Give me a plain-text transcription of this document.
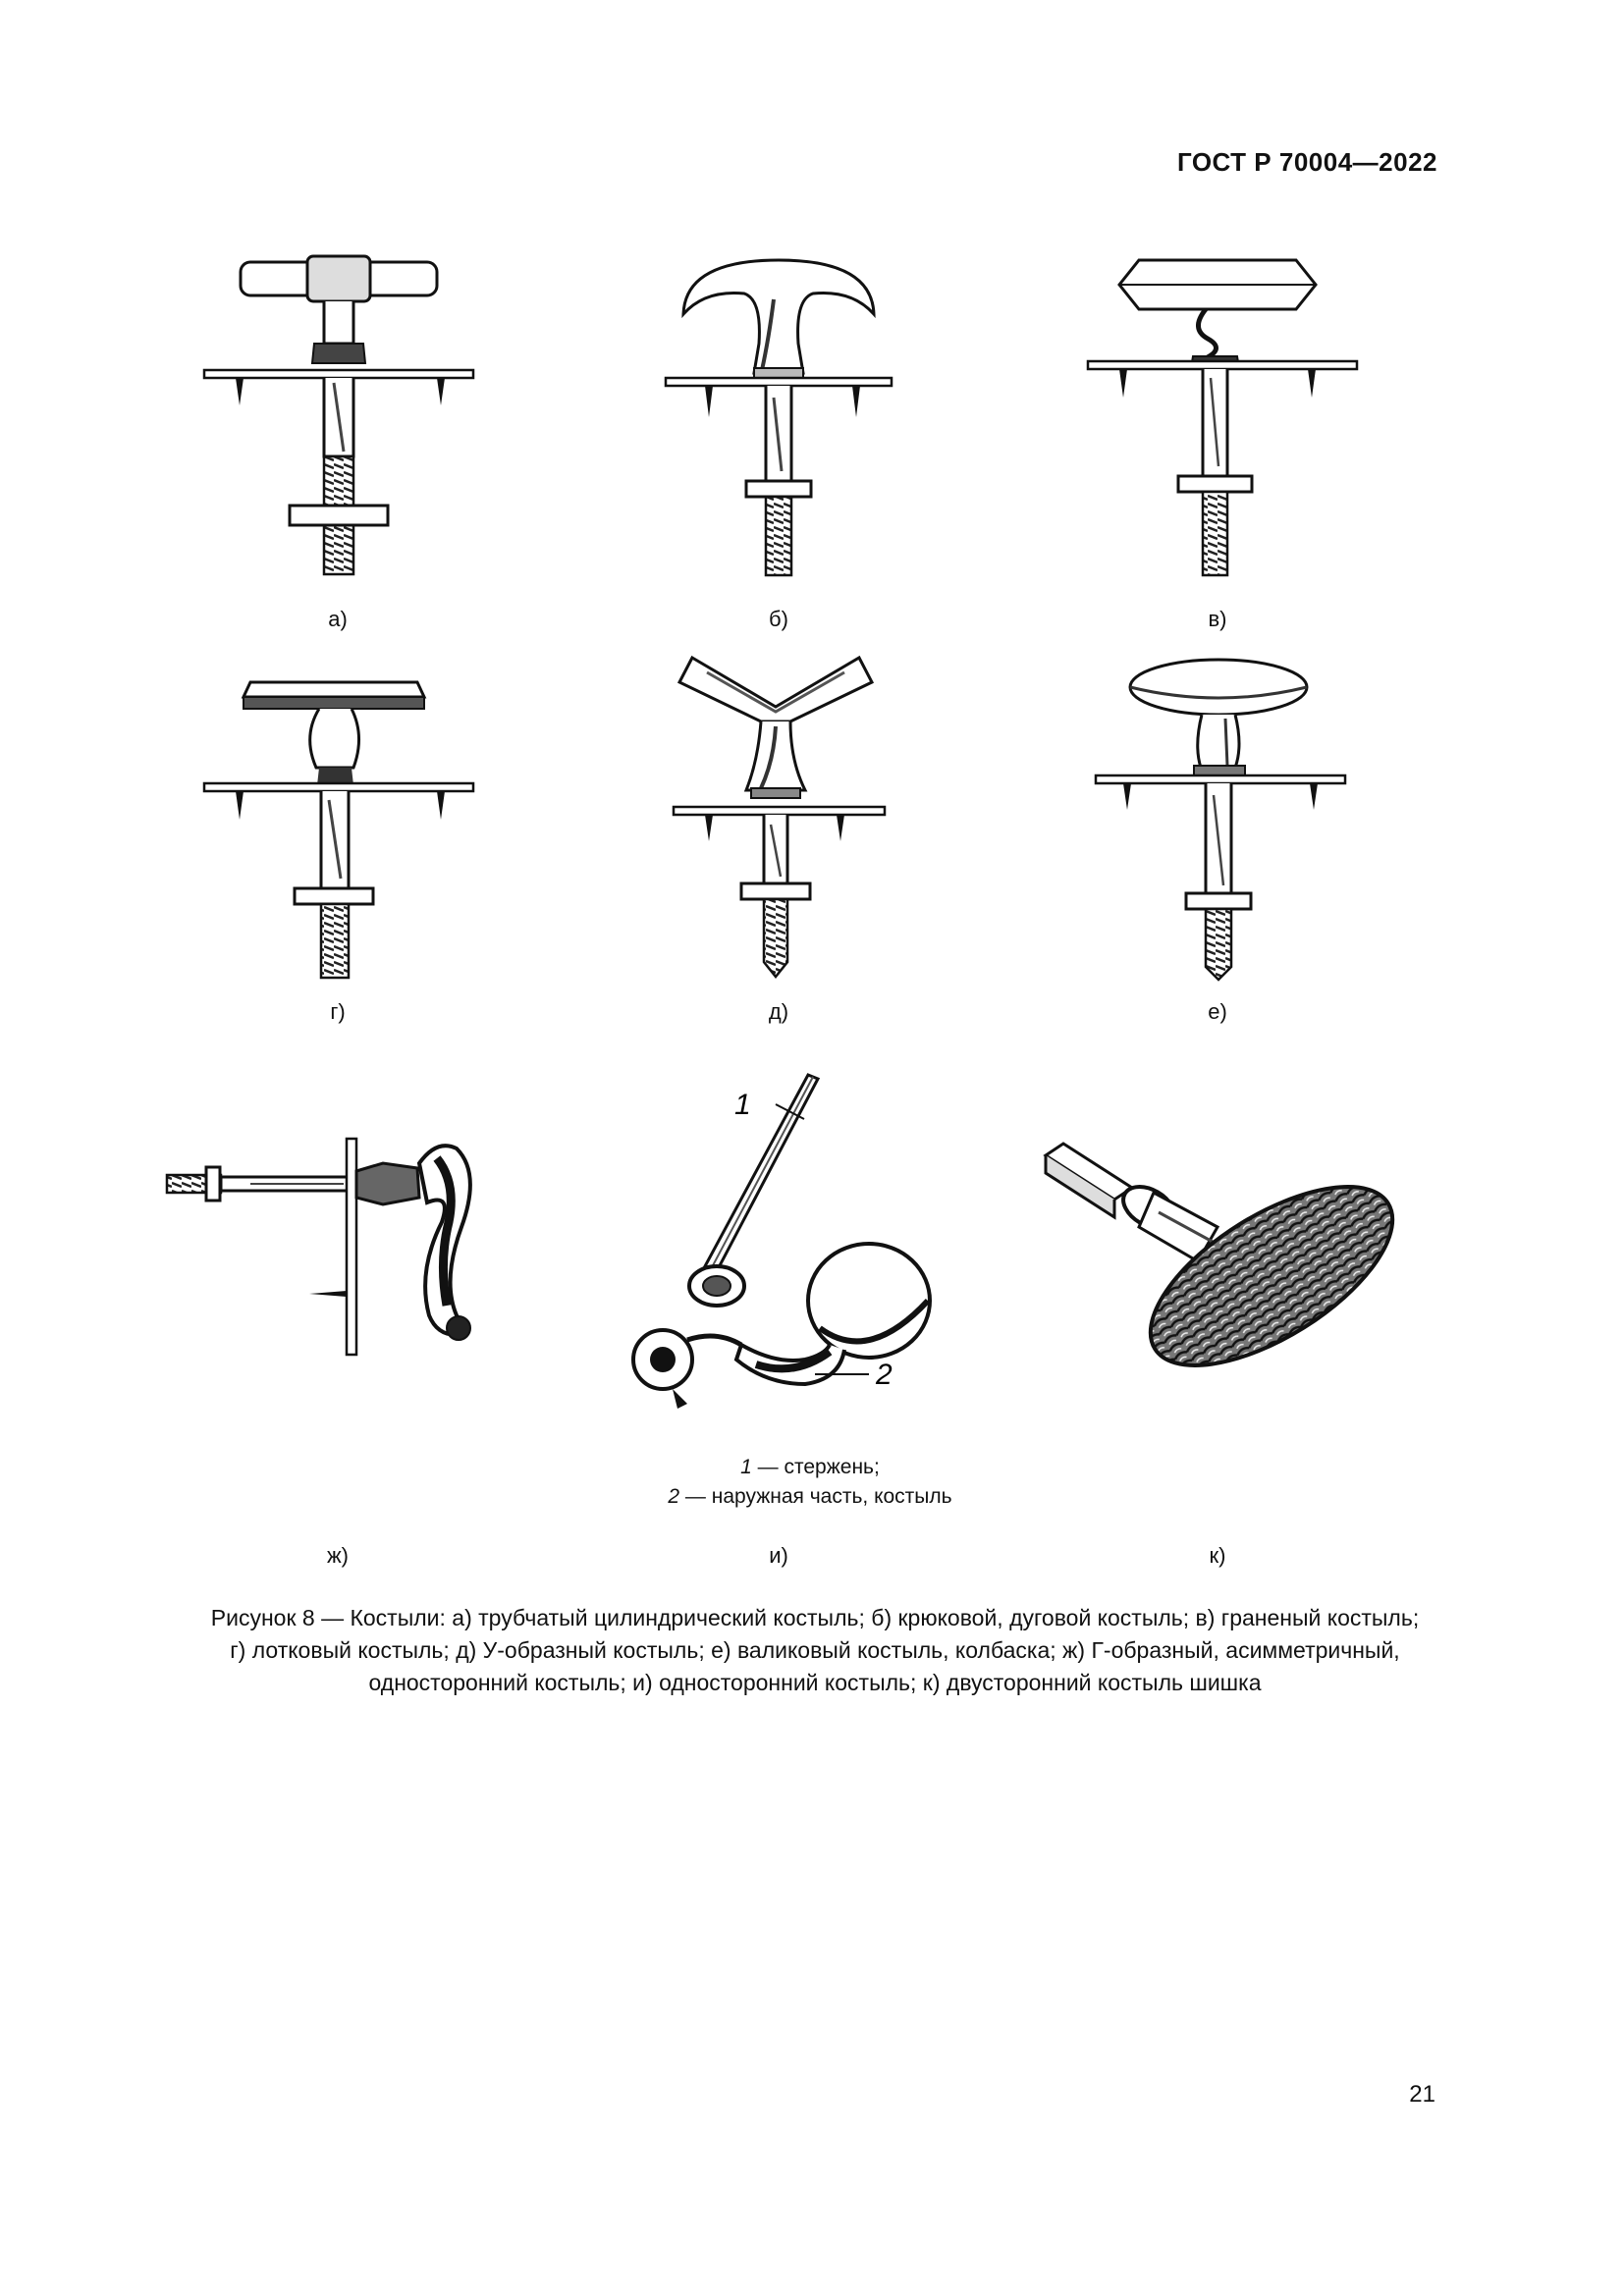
ГОСТ Р 70004—2022
а)	б)	в)
г)	д)	е)
1
2
1 — стержень;
2 — наружная часть, костыль
ж)	и)	к)
Рисунок 8 — Костыли: а) трубчатый цилиндрический костыль; б) крюковой, дуговой костыль; в) граненый костыль;
г) лотковый костыль; д) У-образный костыль; е) валиковый костыль, колбаска; ж) Г-образный, асимметричный,
односторонний костыль; и) односторонний костыль; к) двусторонний костыль шишка
21
